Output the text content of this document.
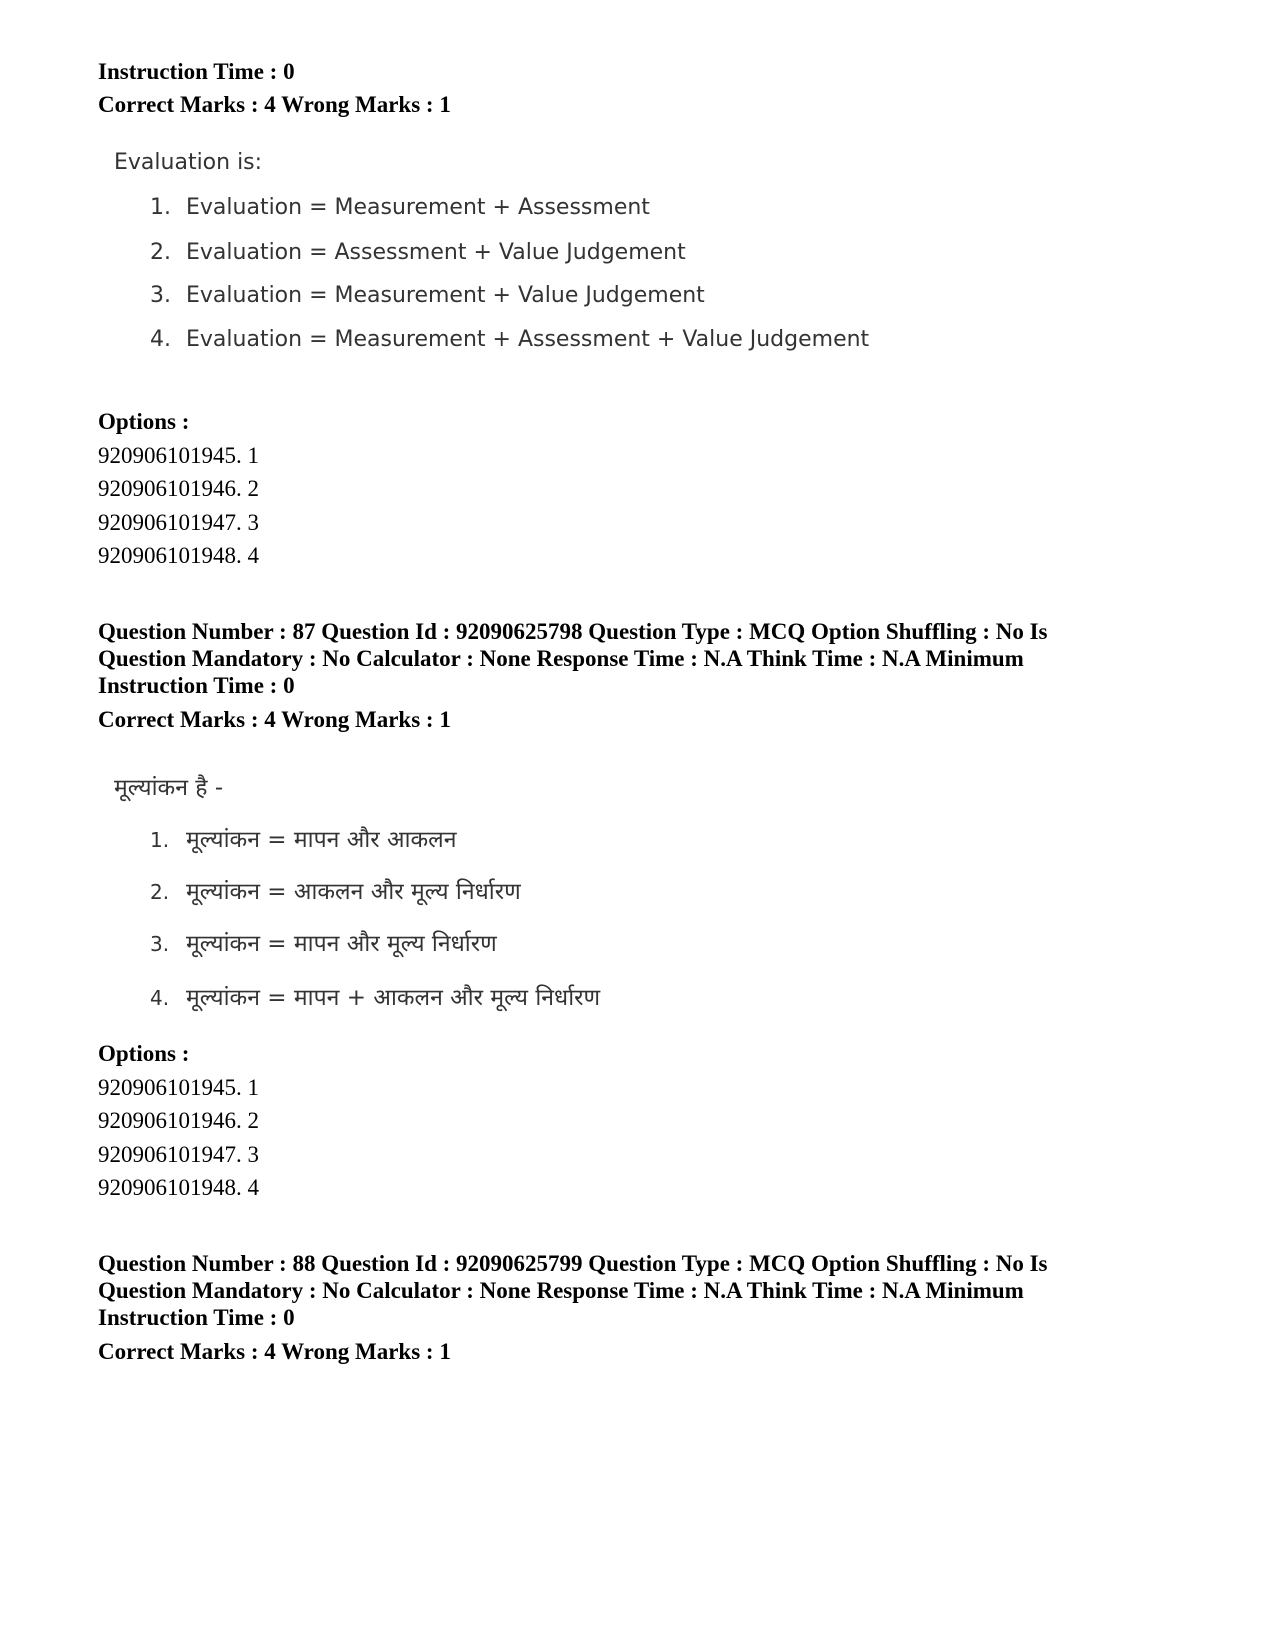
Instruction Time : 0
Correct Marks : 4 Wrong Marks : 1
Evaluation is:
1. Evaluation = Measurement + Assessment
2. Evaluation = Assessment + Value Judgement
3. Evaluation = Measurement + Value Judgement
4. Evaluation = Measurement + Assessment + Value Judgement
Options :
920906101945. 1
920906101946. 2
920906101947. 3
920906101948. 4
Question Number : 87 Question Id : 92090625798 Question Type : MCQ Option Shuffling : No Is
Question Mandatory : No Calculator : None Response Time : N.A Think Time : N.A Minimum
Instruction Time : 0
Correct Marks : 4 Wrong Marks : 1
मूल्यांकन है -
1. मूल्यांकन = मापन और आकलन
2. मूल्यांकन = आकलन और मूल्य निर्धारण
3. मूल्यांकन = मापन और मूल्य निर्धारण
4. मूल्यांकन = मापन + आकलन और मूल्य निर्धारण
Options :
920906101945. 1
920906101946. 2
920906101947. 3
920906101948. 4
Question Number : 88 Question Id : 92090625799 Question Type : MCQ Option Shuffling : No Is
Question Mandatory : No Calculator : None Response Time : N.A Think Time : N.A Minimum
Instruction Time : 0
Correct Marks : 4 Wrong Marks : 1
